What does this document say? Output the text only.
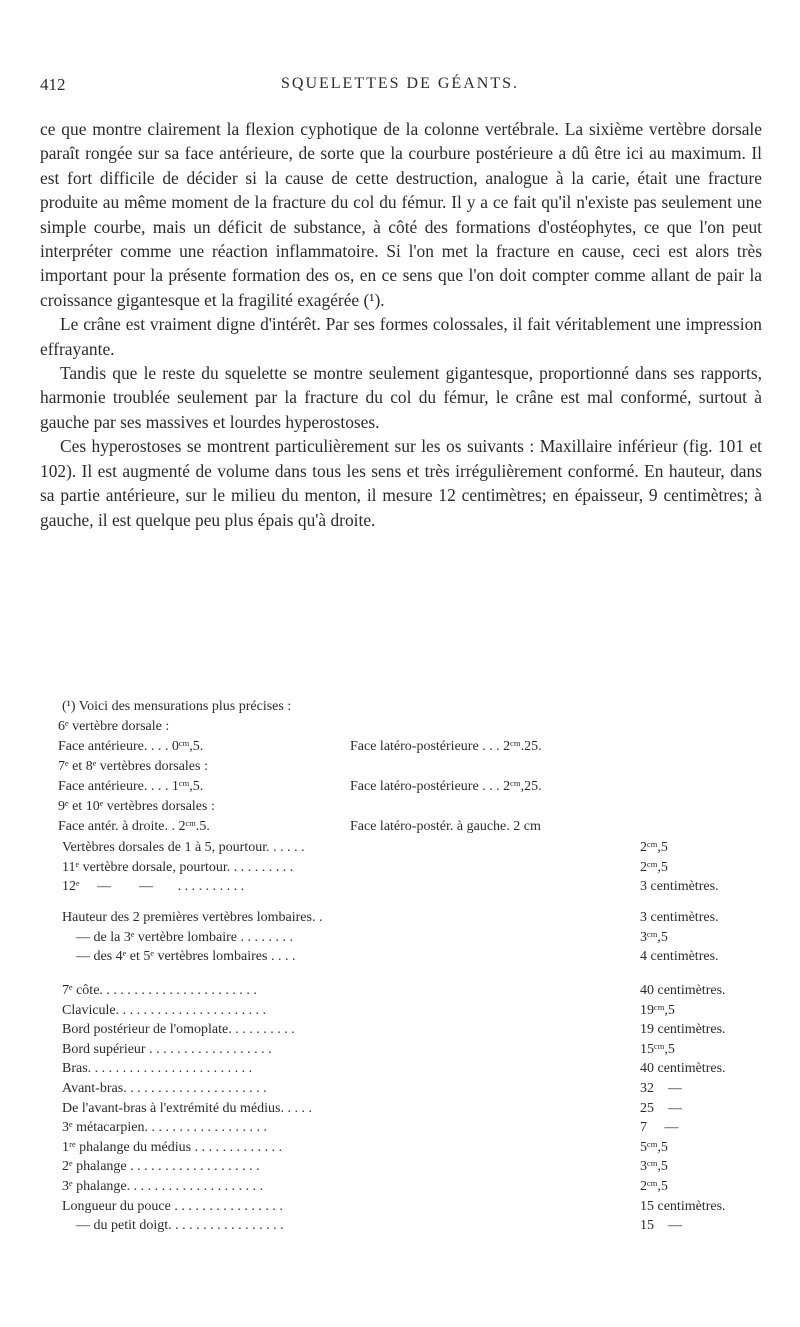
412	SQUELETTES DE GÉANTS.

ce que montre clairement la flexion cyphotique de la colonne vertébrale. La sixième vertèbre dorsale paraît rongée sur sa face antérieure, de sorte que la courbure postérieure a dû être ici au maximum. Il est fort difficile de décider si la cause de cette destruction, analogue à la carie, était une fracture produite au même moment de la fracture du col du fémur. Il y a ce fait qu'il n'existe pas seulement une simple courbe, mais un déficit de substance, à côté des formations d'ostéophytes, ce que l'on peut interpréter comme une réaction inflammatoire. Si l'on met la fracture en cause, ceci est alors très important pour la présente formation des os, en ce sens que l'on doit compter comme allant de pair la croissance gigantesque et la fragilité exagérée (¹).

Le crâne est vraiment digne d'intérêt. Par ses formes colossales, il fait véritablement une impression effrayante.

Tandis que le reste du squelette se montre seulement gigantesque, proportionné dans ses rapports, harmonie troublée seulement par la fracture du col du fémur, le crâne est mal conformé, surtout à gauche par ses massives et lourdes hyperostoses.

Ces hyperostoses se montrent particulièrement sur les os suivants : Maxillaire inférieur (fig. 101 et 102). Il est augmenté de volume dans tous les sens et très irrégulièrement conformé. En hauteur, dans sa partie antérieure, sur le milieu du menton, il mesure 12 centimètres; en épaisseur, 9 centimètres; à gauche, il est quelque peu plus épais qu'à droite.

(¹) Voici des mensurations plus précises :
6ᵉ vertèbre dorsale :
Face antérieure. . . . 0ᶜᵐ,5.	Face latéro-postérieure . . . 2ᶜᵐ.25.
7ᵉ et 8ᵉ vertèbres dorsales :
Face antérieure. . . . 1ᶜᵐ,5.	Face latéro-postérieure . . . 2ᶜᵐ,25.
9ᵉ et 10ᵉ vertèbres dorsales :
Face antér. à droite. . 2ᶜᵐ.5.	Face latéro-postér. à gauche. 2 cm
Vertèbres dorsales de 1 à 5, pourtour. . . . . .	2ᶜᵐ,5
11ᵉ vertèbre dorsale, pourtour. . . . . . . . . .	2ᶜᵐ,5
12ᵉ     —        —       . . . . . . . . . .	3 centimètres.
Hauteur des 2 premières vertèbres lombaires. .	3 centimètres.
— de la 3ᵉ vertèbre lombaire . . . . . . . .	3ᶜᵐ,5
— des 4ᵉ et 5ᵉ vertèbres lombaires . . . .	4 centimètres.
7ᵉ côte. . . . . . . . . . . . . . . . . . . . . . .	40 centimètres.
Clavicule. . . . . . . . . . . . . . . . . . . . . .	19ᶜᵐ,5
Bord postérieur de l'omoplate. . . . . . . . . .	19 centimètres.
Bord supérieur . . . . . . . . . . . . . . . . . .	15ᶜᵐ,5
Bras. . . . . . . . . . . . . . . . . . . . . . . .	40 centimètres.
Avant-bras. . . . . . . . . . . . . . . . . . . . .	32    —
De l'avant-bras à l'extrémité du médius. . . . .	25    —
3ᵉ métacarpien. . . . . . . . . . . . . . . . . .	7     —
1ʳᵉ phalange du médius . . . . . . . . . . . . .	5ᶜᵐ,5
2ᵉ phalange . . . . . . . . . . . . . . . . . . .	3ᶜᵐ,5
3ᵉ phalange. . . . . . . . . . . . . . . . . . . .	2ᶜᵐ,5
Longueur du pouce . . . . . . . . . . . . . . . .	15 centimètres.
— du petit doigt. . . . . . . . . . . . . . . . .	15    —
